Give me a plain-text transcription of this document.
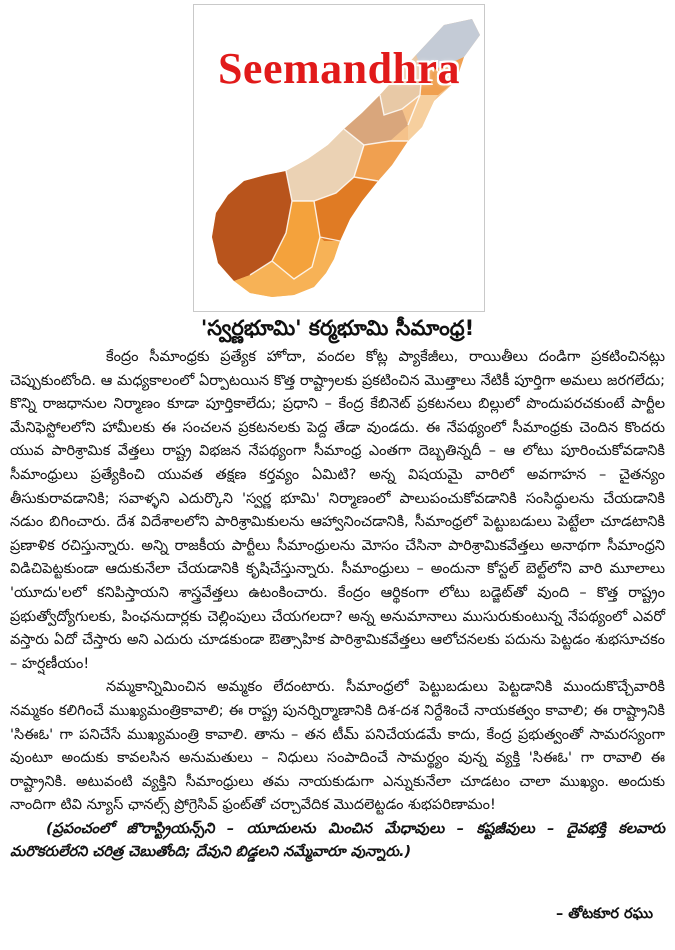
Seemandhra
'స్వర్ణభూమి' కర్మభూమి సీమాంధ్ర!

కేంద్రం సీమాంధ్రకు ప్రత్యేక హోదా, వందల కోట్ల ప్యాకేజీలు, రాయితీలు దండిగా ప్రకటించినట్లు చెప్పుకుంటోంది. ఆ మధ్యకాలంలో ఏర్పాటయిన కొత్త రాష్ట్రాలకు ప్రకటించిన మొత్తాలు నేటికీ పూర్తిగా అమలు జరగలేదు; కొన్ని రాజధానుల నిర్మాణం కూడా పూర్తికాలేదు; ప్రధాని – కేంద్ర కేబినెట్ ప్రకటనలు బిల్లులో పొందుపరచకుంటే పార్టీల మేనిఫెస్టోలలోని హామీలకు ఈ సంచలన ప్రకటనలకు పెద్ద తేడా వుండదు. ఈ నేపథ్యంలో సీమాంధ్రకు చెందిన కొందరు యువ పారిశ్రామిక వేత్తలు రాష్ట్ర విభజన నేపథ్యంగా సీమాంధ్ర ఎంతగా దెబ్బతిన్నదీ – ఆ లోటు పూరించుకోవడానికి సీమాంధ్రులు ప్రత్యేకించి యువత తక్షణ కర్తవ్యం ఏమిటి? అన్న విషయమై వారిలో అవగాహన – చైతన్యం తీసుకురావడానికి; సవాళ్ళని ఎదుర్కొని 'స్వర్ణ భూమి' నిర్మాణంలో పాలుపంచుకోవడానికి సంసిద్ధులను చేయడానికి నడుం బిగించారు. దేశ విదేశాలలోని పారిశ్రామికులను ఆహ్వానించడానికి, సీమాంధ్రలో పెట్టుబడులు పెట్టేలా చూడటానికి ప్రణాళిక రచిస్తున్నారు. అన్ని రాజకీయ పార్టీలు సీమాంధ్రులను మోసం చేసినా పారిశ్రామికవేత్తలు అనాథగా సీమాంధ్రని విడిచిపెట్టకుండా ఆదుకునేలా చేయడానికి కృషిచేస్తున్నారు. సీమాంధ్రులు – అందునా కోస్టల్ బెల్ట్‌లోని వారి మూలాలు 'యూదు'లలో కనిపిస్తాయని శాస్త్రవేత్తలు ఉటంకించారు. కేంద్రం ఆర్థికంగా లోటు బడ్జెట్‌తో వుంది – కొత్త రాష్ట్రం ప్రభుత్వోద్యోగులకు, పింఛనుదార్లకు చెల్లింపులు చేయగలదా? అన్న అనుమానాలు ముసురుకుంటున్న నేపథ్యంలో ఎవరో వస్తారు ఏదో చేస్తారు అని ఎదురు చూడకుండా ఔత్సాహిక పారిశ్రామికవేత్తలు ఆలోచనలకు పదును పెట్టడం శుభసూచకం – హర్షణీయం!

నమ్మకాన్నిమించిన అమ్మకం లేదంటారు. సీమాంధ్రలో పెట్టుబడులు పెట్టడానికి ముందుకొచ్చేవారికి నమ్మకం కలిగించే ముఖ్యమంత్రికావాలి; ఈ రాష్ట్ర పునర్నిర్మాణానికి దిశ-దశ నిర్దేశించే నాయకత్వం కావాలి; ఈ రాష్ట్రానికి 'సిఈఓ' గా పనిచేసే ముఖ్యమంత్రి కావాలి. తాను – తన టీమ్ పనిచేయడమే కాదు, కేంద్ర ప్రభుత్వంతో సామరస్యంగా వుంటూ అందుకు కావలసిన అనుమతులు – నిధులు సంపాదించే సామర్థ్యం వున్న వ్యక్తి 'సిఈఓ' గా రావాలి ఈ రాష్ట్రానికి. అటువంటి వ్యక్తిని సీమాంధ్రులు తమ నాయకుడుగా ఎన్నుకునేలా చూడటం చాలా ముఖ్యం. అందుకు నాందిగా టివి న్యూస్ ఛానల్స్ ప్రోగ్రెసివ్ ఫ్రంట్‌తో చర్చావేదిక మొదలెట్టడం శుభపరిణామం!

(ప్రపంచంలో జొరాస్ట్రియన్స్‌ని – యూదులను మించిన మేధావులు – కష్టజీవులు – దైవభక్తి కలవారు మరొకరులేరని చరిత్ర చెబుతోంది; దేవుని బిడ్డలని నమ్మేవారూ వున్నారు.)

– తోటకూర రఘు
